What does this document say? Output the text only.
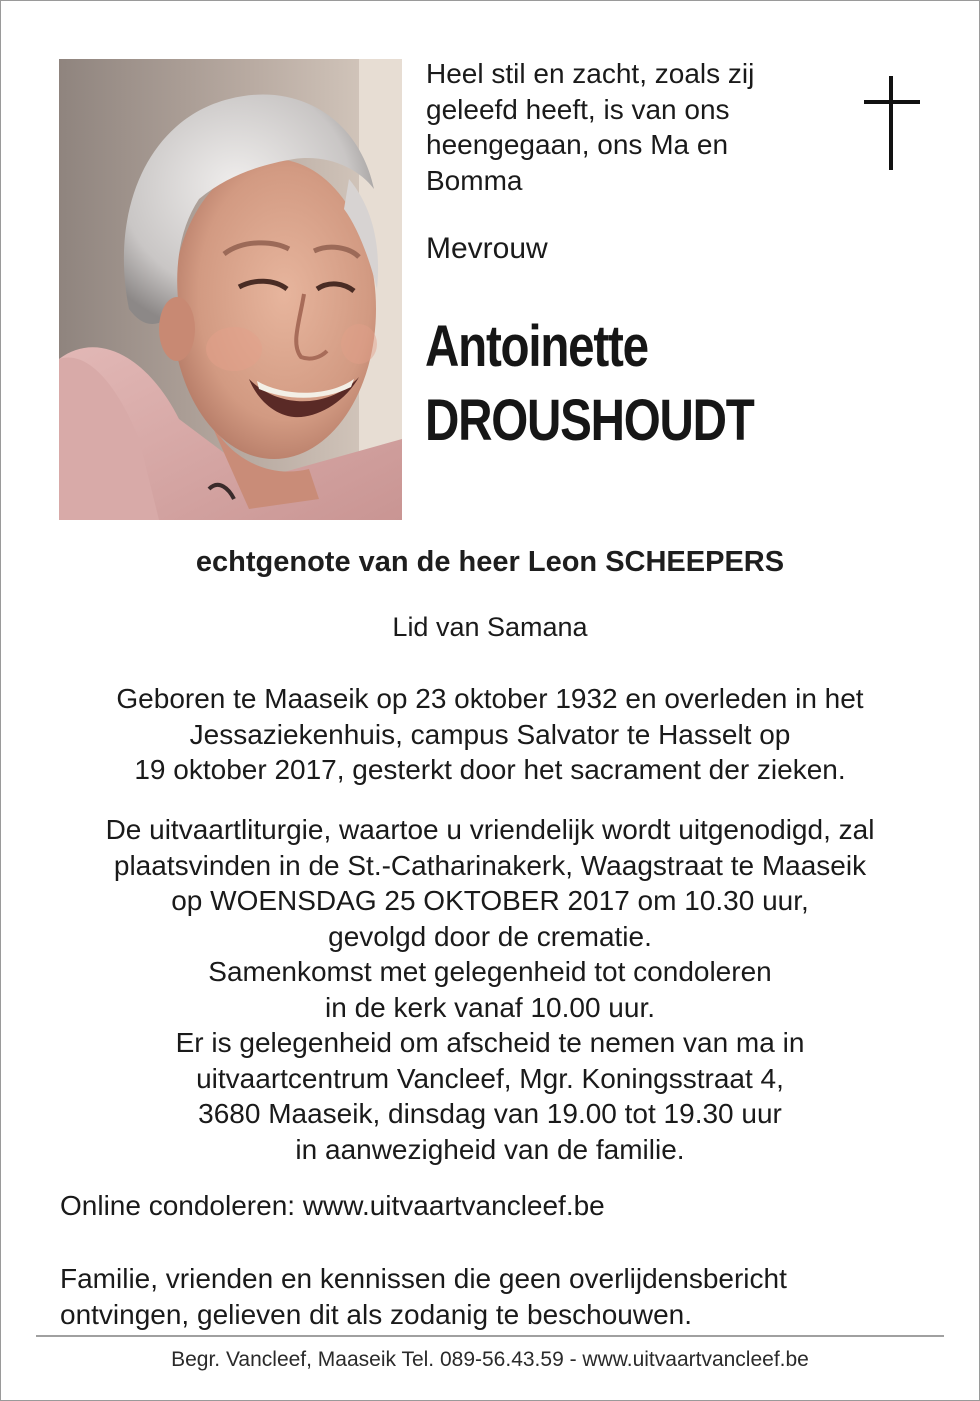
Heel stil en zacht, zoals zij
geleefd heeft, is van ons
heengegaan, ons Ma en
Bomma
Mevrouw
Antoinette
DROUSHOUDT
echtgenote van de heer Leon SCHEEPERS
Lid van Samana
Geboren te Maaseik op 23 oktober 1932 en overleden in het
Jessaziekenhuis, campus Salvator te Hasselt op
19 oktober 2017, gesterkt door het sacrament der zieken.
De uitvaartliturgie, waartoe u vriendelijk wordt uitgenodigd, zal
plaatsvinden in de St.-Catharinakerk, Waagstraat te Maaseik
op WOENSDAG 25 OKTOBER 2017 om 10.30 uur,
gevolgd door de crematie.
Samenkomst met gelegenheid tot condoleren
in de kerk vanaf 10.00 uur.
Er is gelegenheid om afscheid te nemen van ma in
uitvaartcentrum Vancleef, Mgr. Koningsstraat 4,
3680 Maaseik, dinsdag van 19.00 tot 19.30 uur
in aanwezigheid van de familie.
Online condoleren: www.uitvaartvancleef.be
Familie, vrienden en kennissen die geen overlijdensbericht
ontvingen, gelieven dit als zodanig te beschouwen.
Begr. Vancleef, Maaseik Tel. 089-56.43.59 - www.uitvaartvancleef.be
